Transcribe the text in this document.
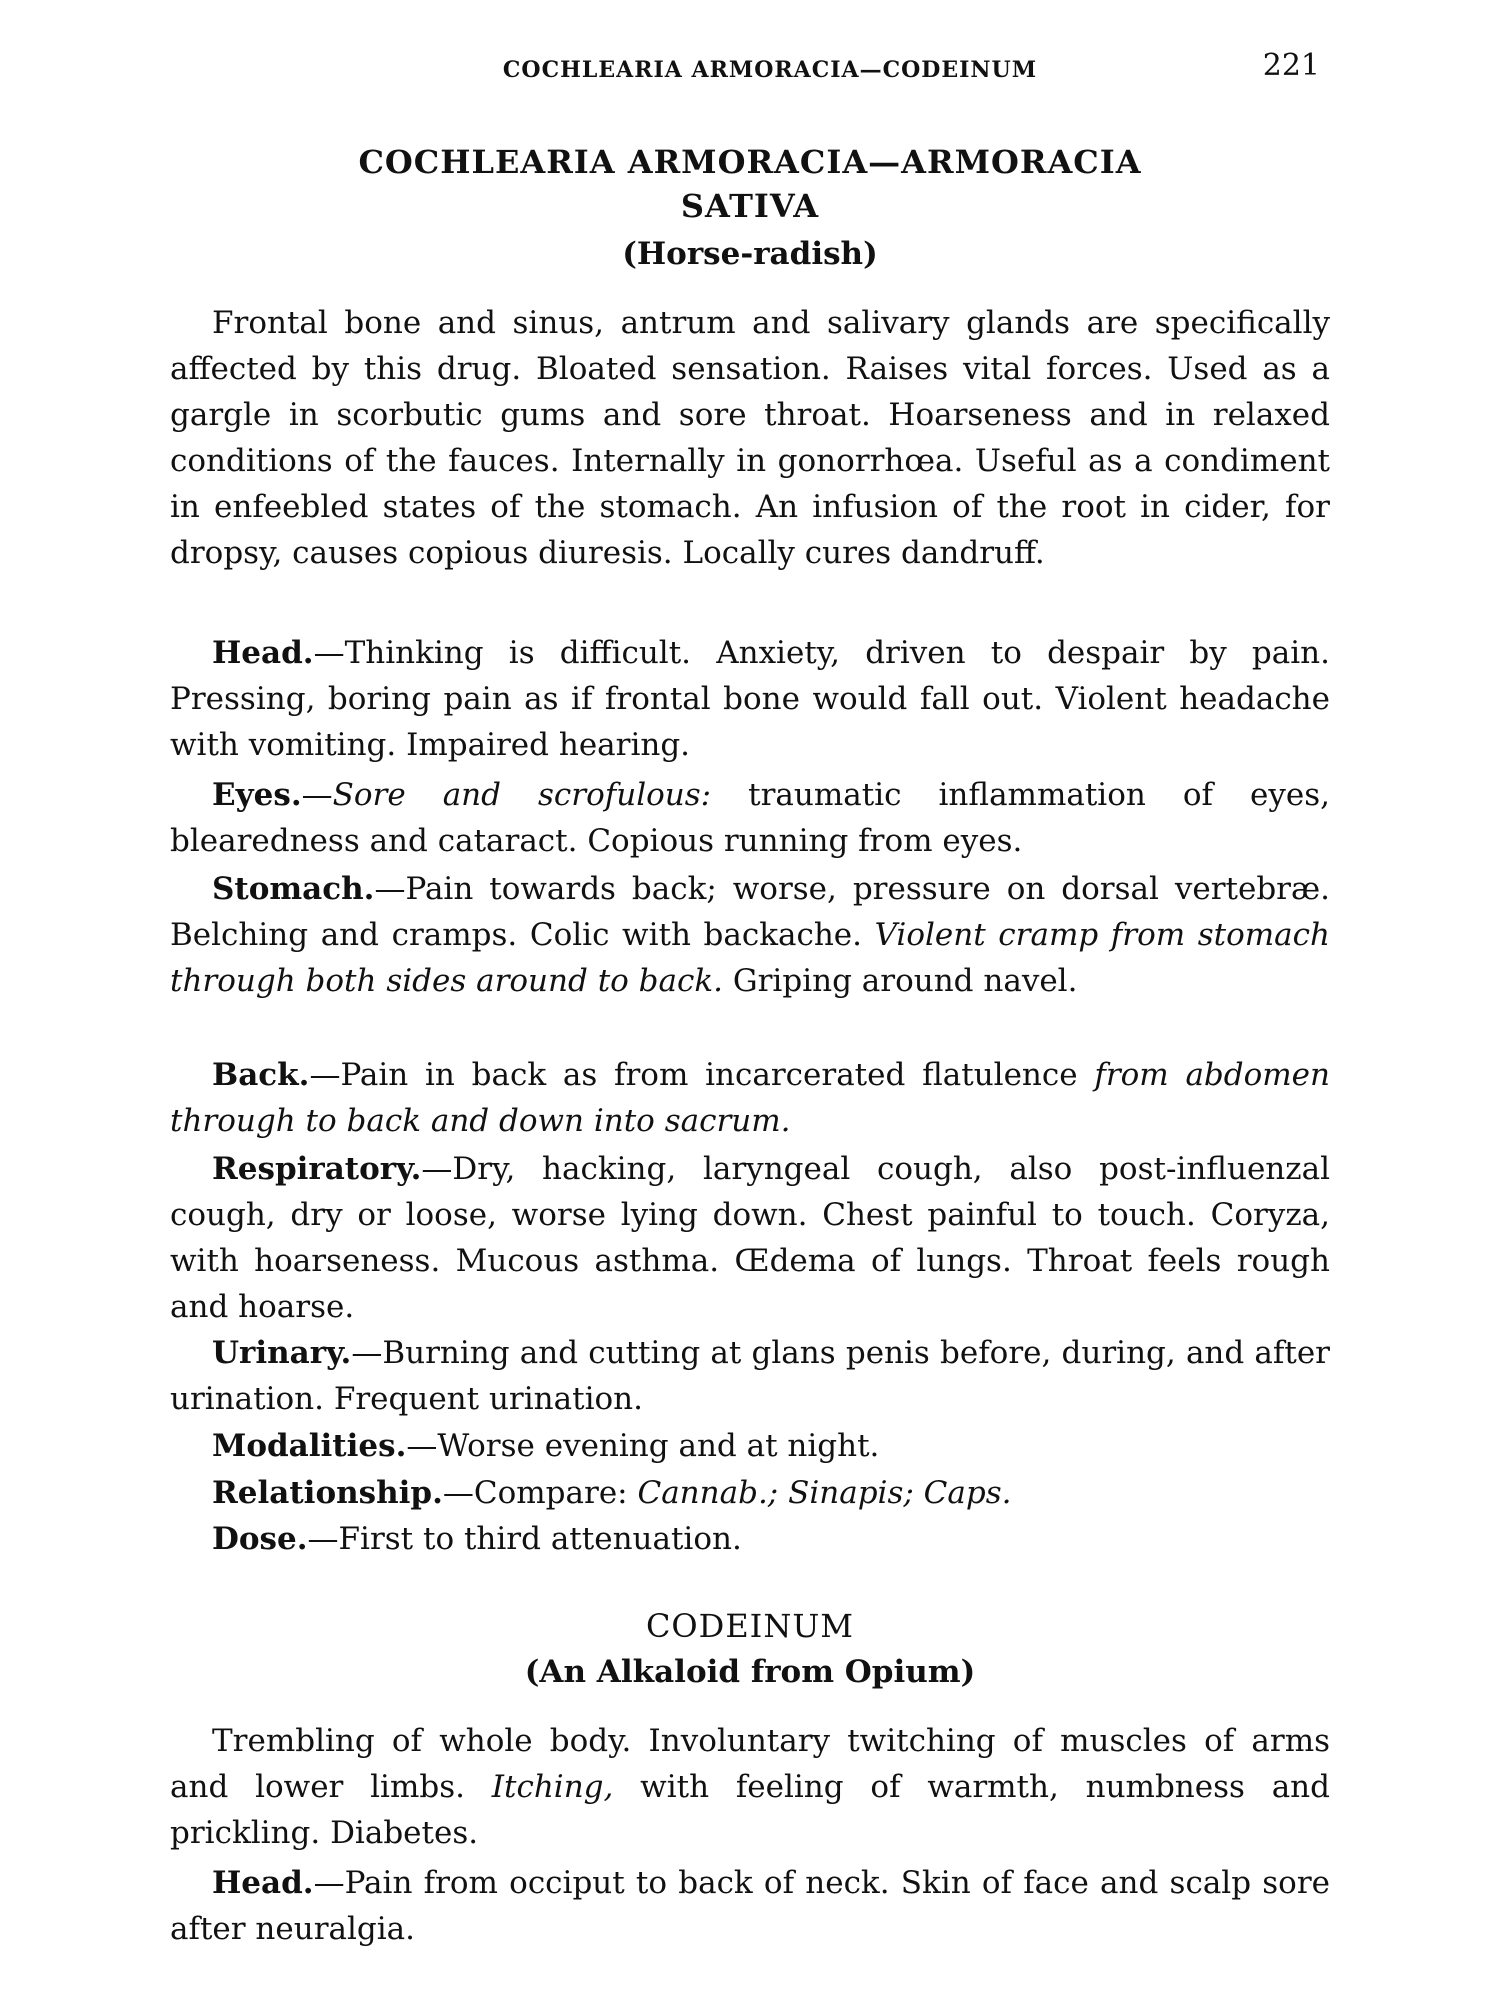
COCHLEARIA ARMORACIA—CODEINUM	221
COCHLEARIA ARMORACIA—ARMORACIA
SATIVA
(Horse-radish)

Frontal bone and sinus, antrum and salivary glands are specifically affected by this drug. Bloated sensation. Raises vital forces. Used as a gargle in scorbutic gums and sore throat. Hoarseness and in relaxed conditions of the fauces. Internally in gonorrhœa. Useful as a condiment in enfeebled states of the stomach. An infusion of the root in cider, for dropsy, causes copious diuresis. Locally cures dandruff.

Head.—Thinking is difficult. Anxiety, driven to despair by pain. Pressing, boring pain as if frontal bone would fall out. Violent headache with vomiting. Impaired hearing.

Eyes.—Sore and scrofulous: traumatic inflammation of eyes, blearedness and cataract. Copious running from eyes.

Stomach.—Pain towards back; worse, pressure on dorsal vertebræ. Belching and cramps. Colic with backache. Violent cramp from stomach through both sides around to back. Griping around navel.

Back.—Pain in back as from incarcerated flatulence from abdomen through to back and down into sacrum.

Respiratory.—Dry, hacking, laryngeal cough, also post-influenzal cough, dry or loose, worse lying down. Chest painful to touch. Coryza, with hoarseness. Mucous asthma. Œdema of lungs. Throat feels rough and hoarse.

Urinary.—Burning and cutting at glans penis before, during, and after urination. Frequent urination.

Modalities.—Worse evening and at night.

Relationship.—Compare: Cannab.; Sinapis; Caps.

Dose.—First to third attenuation.

CODEINUM
(An Alkaloid from Opium)

Trembling of whole body. Involuntary twitching of muscles of arms and lower limbs. Itching, with feeling of warmth, numbness and prickling. Diabetes.

Head.—Pain from occiput to back of neck. Skin of face and scalp sore after neuralgia.
